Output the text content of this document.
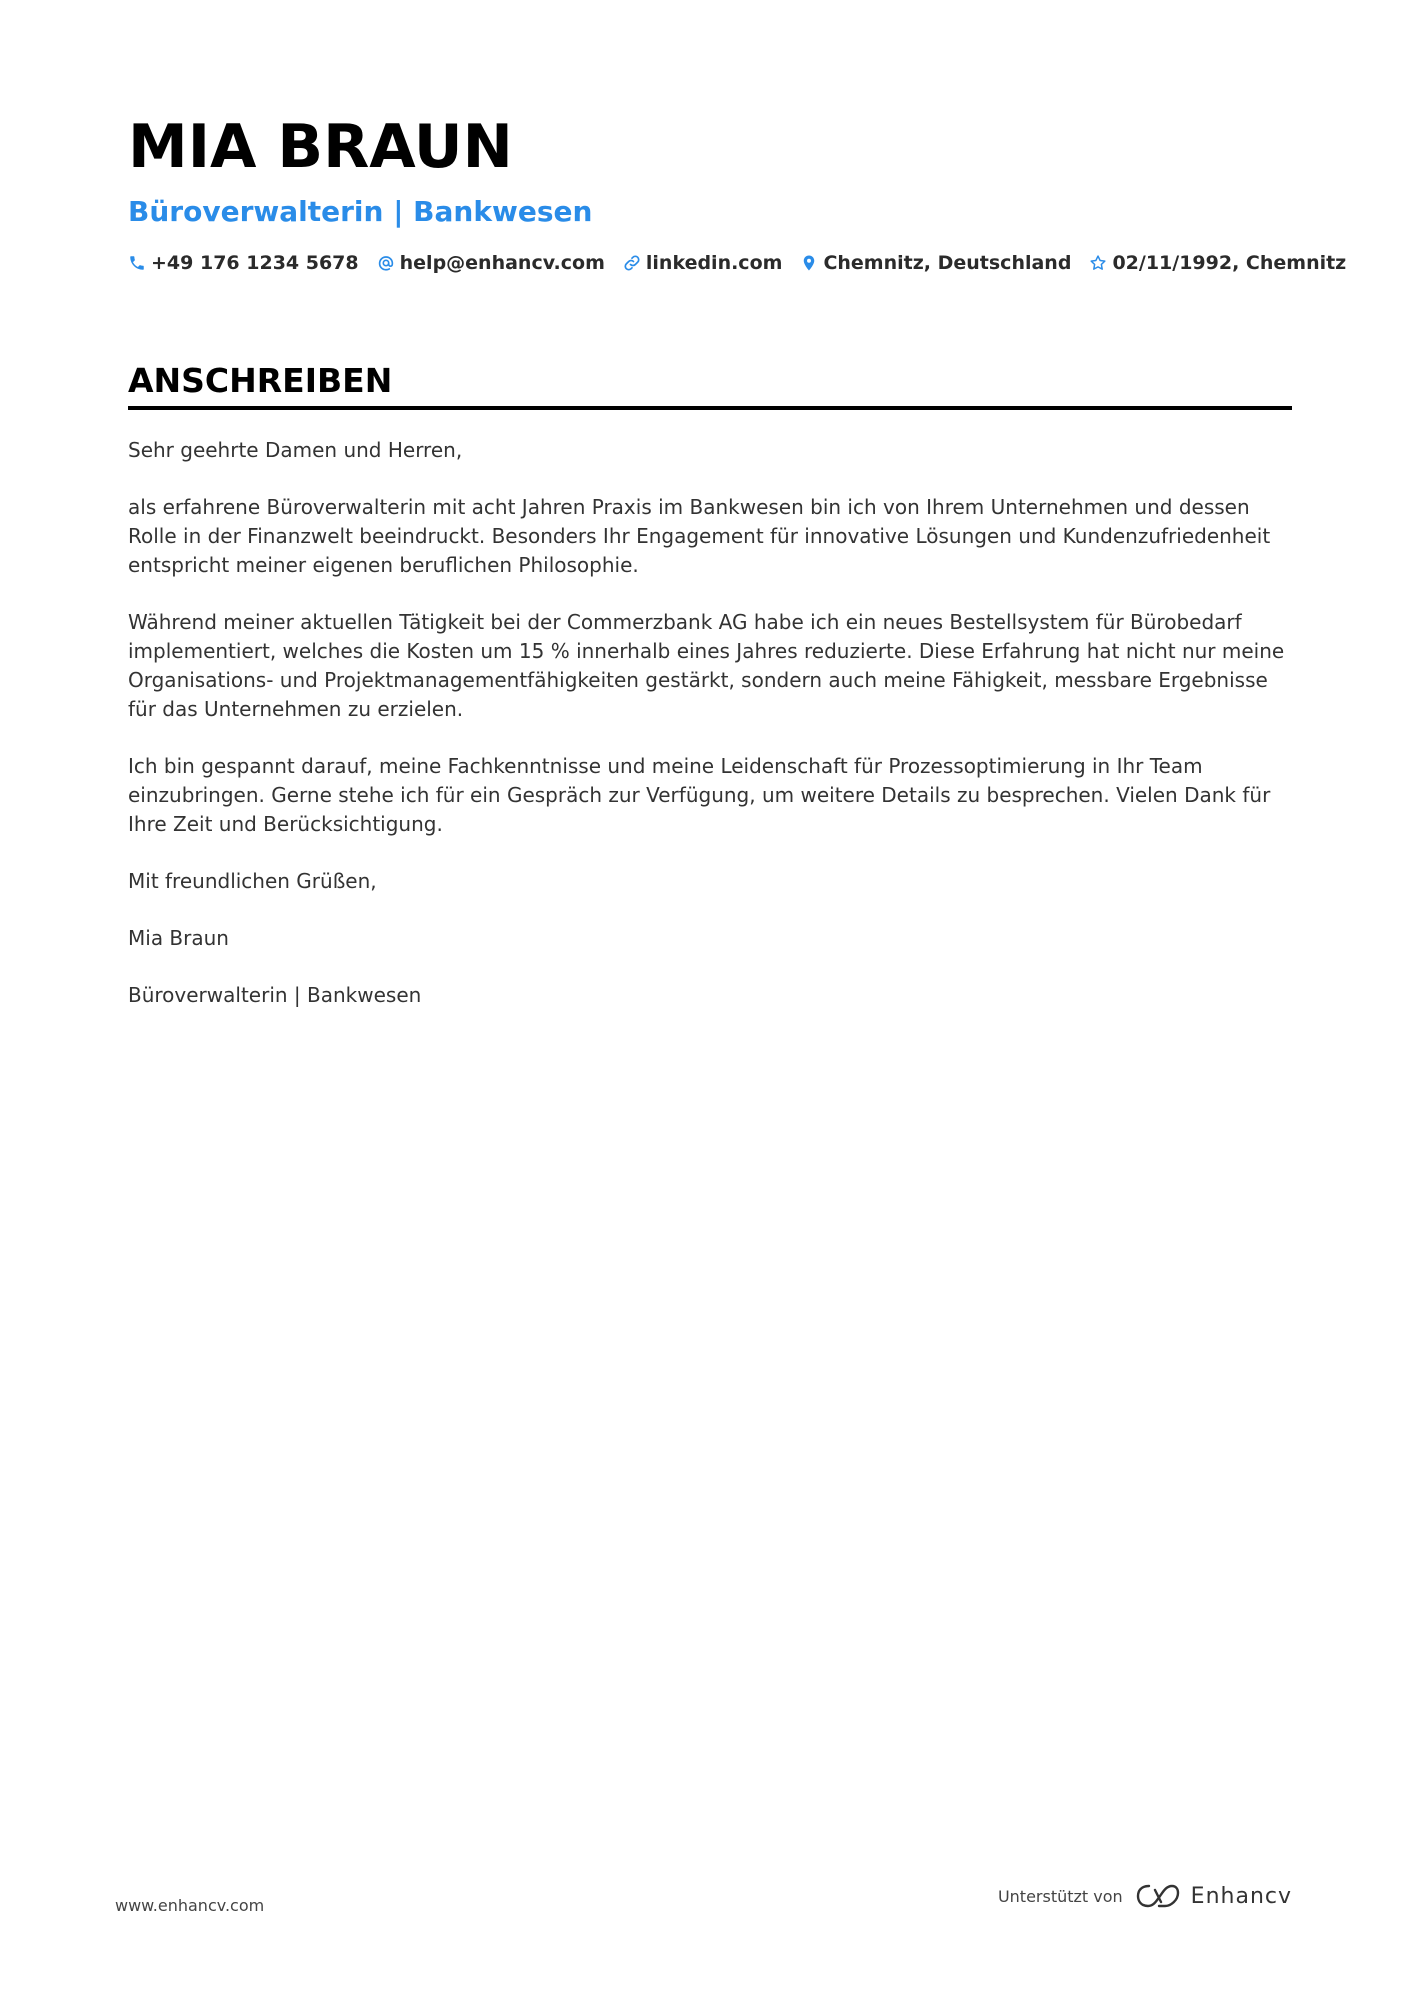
MIA BRAUN
Büroverwalterin | Bankwesen
+49 176 1234 5678 help@enhancv.com linkedin.com Chemnitz, Deutschland 02/11/1992, Chemnitz
ANSCHREIBEN

Sehr geehrte Damen und Herren,

als erfahrene Büroverwalterin mit acht Jahren Praxis im Bankwesen bin ich von Ihrem Unternehmen und dessen Rolle in der Finanzwelt beeindruckt. Besonders Ihr Engagement für innovative Lösungen und Kundenzufriedenheit entspricht meiner eigenen beruflichen Philosophie.

Während meiner aktuellen Tätigkeit bei der Commerzbank AG habe ich ein neues Bestellsystem für Bürobedarf implementiert, welches die Kosten um 15 % innerhalb eines Jahres reduzierte. Diese Erfahrung hat nicht nur meine Organisations- und Projektmanagementfähigkeiten gestärkt, sondern auch meine Fähigkeit, messbare Ergebnisse für das Unternehmen zu erzielen.

Ich bin gespannt darauf, meine Fachkenntnisse und meine Leidenschaft für Prozessoptimierung in Ihr Team einzubringen. Gerne stehe ich für ein Gespräch zur Verfügung, um weitere Details zu besprechen. Vielen Dank für Ihre Zeit und Berücksichtigung.

Mit freundlichen Grüßen,

Mia Braun

Büroverwalterin | Bankwesen

www.enhancv.com	Unterstützt von	Enhancv
